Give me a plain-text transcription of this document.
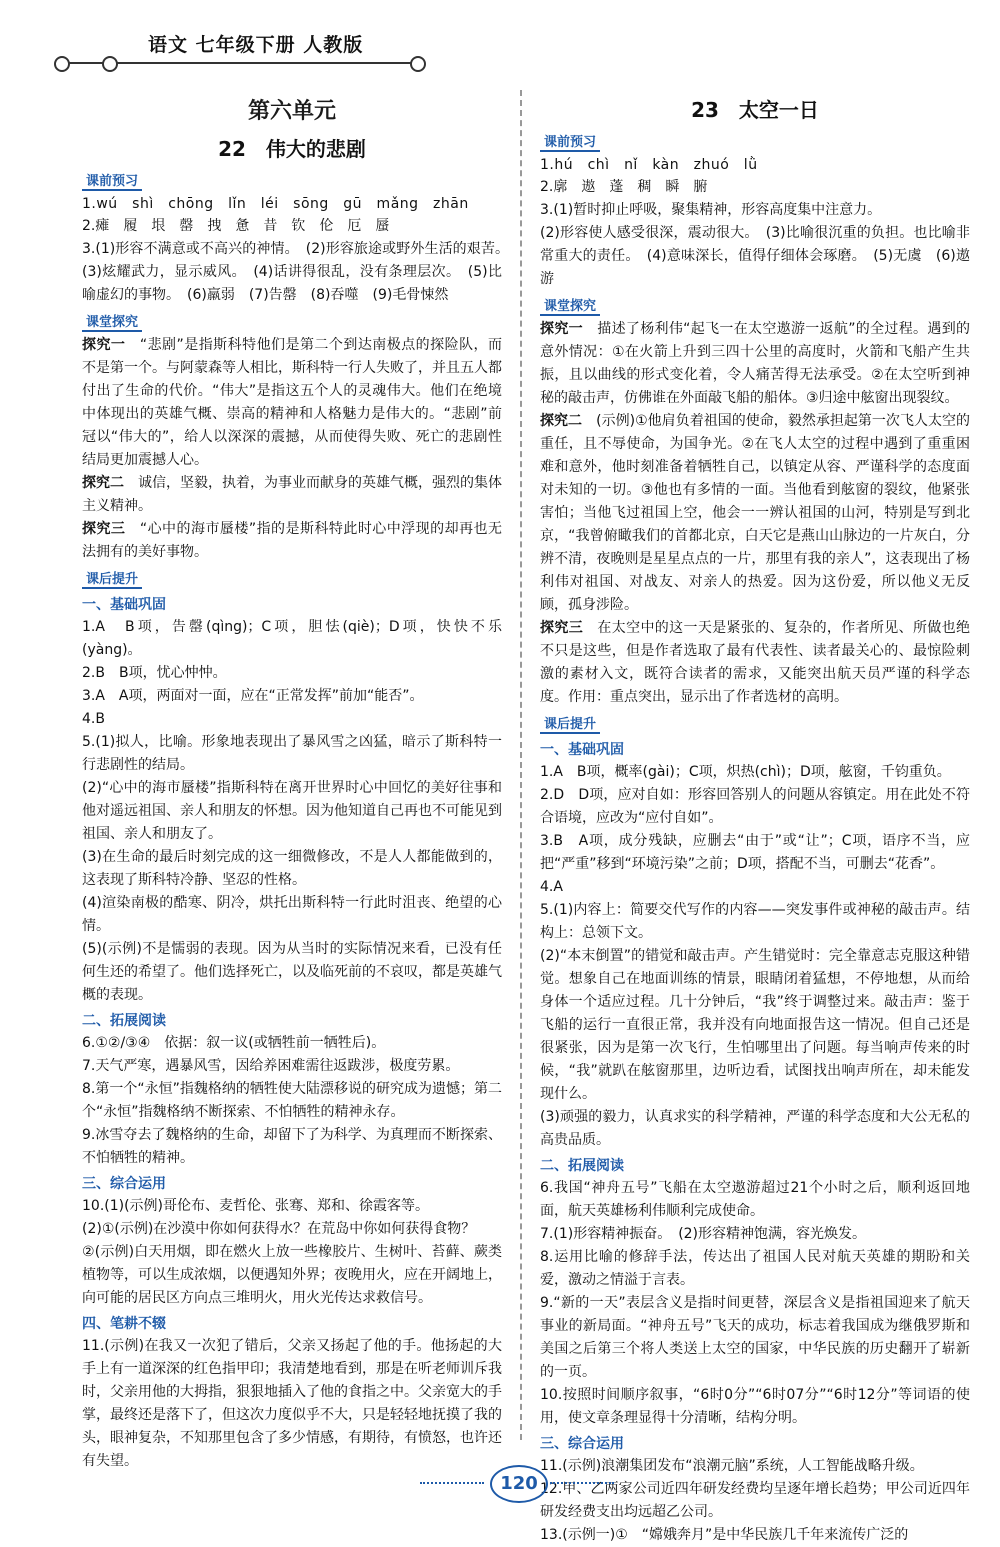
语文 七年级下册 人教版
第六单元
22　伟大的悲剧
课前预习
1.wú　shì　chōng　lǐn　léi　sōng　gū　mǎng　zhān
2.瘫　履　垠　罄　拽　惫　昔　钦　伦　厄　蜃
3.(1)形容不满意或不高兴的神情。　(2)形容旅途或野外生活的艰苦。　(3)炫耀武力，显示威风。　(4)话讲得很乱，没有条理层次。　(5)比喻虚幻的事物。　(6)羸弱　(7)告罄　(8)吞噬　(9)毛骨悚然
课堂探究
探究一　 “悲剧”是指斯科特他们是第二个到达南极点的探险队，而不是第一个。与阿蒙森等人相比，斯科特一行人失败了，并且五人都付出了生命的代价。“伟大”是指这五个人的灵魂伟大。他们在绝境中体现出的英雄气概、崇高的精神和人格魅力是伟大的。“悲剧”前冠以“伟大的”，给人以深深的震撼，从而使得失败、死亡的悲剧性结局更加震撼人心。
探究二　 诚信，坚毅，执着，为事业而献身的英雄气概，强烈的集体主义精神。
探究三　 “心中的海市蜃楼”指的是斯科特此时心中浮现的却再也无法拥有的美好事物。
课后提升
一、基础巩固
1.A　B项，告罄(qìng)；C项，胆怯(qiè)；D项，快快不乐(yàng)。
2.B　B项，忧心忡忡。
3.A　A项，两面对一面，应在“正常发挥”前加“能否”。
4.B
5.(1)拟人，比喻。形象地表现出了暴风雪之凶猛，暗示了斯科特一行悲剧性的结局。
(2)“心中的海市蜃楼”指斯科特在离开世界时心中回忆的美好往事和他对遥远祖国、亲人和朋友的怀想。因为他知道自己再也不可能见到祖国、亲人和朋友了。
(3)在生命的最后时刻完成的这一细微修改，不是人人都能做到的，这表现了斯科特冷静、坚忍的性格。
(4)渲染南极的酷寒、阴冷，烘托出斯科特一行此时沮丧、绝望的心情。
(5)(示例)不是懦弱的表现。因为从当时的实际情况来看，已没有任何生还的希望了。他们选择死亡，以及临死前的不哀叹，都是英雄气概的表现。
二、拓展阅读
6.①②/③④　依据：叙一议(或牺牲前一牺牲后)。
7.天气严寒，遇暴风雪，因给养困难需往返跋涉，极度劳累。
8.第一个“永恒”指魏格纳的牺牲使大陆漂移说的研究成为遗憾；第二个“永恒”指魏格纳不断探索、不怕牺牲的精神永存。
9.冰雪夺去了魏格纳的生命，却留下了为科学、为真理而不断探索、不怕牺牲的精神。
三、综合运用
10.(1)(示例)哥伦布、麦哲伦、张骞、郑和、徐霞客等。
(2)①(示例)在沙漠中你如何获得水？在荒岛中你如何获得食物？
②(示例)白天用烟，即在燃火上放一些橡胶片、生树叶、苔藓、蕨类植物等，可以生成浓烟，以便遇知外界；夜晚用火，应在开阔地上，向可能的居民区方向点三堆明火，用火光传达求救信号。
四、笔耕不辍
11.(示例)在我又一次犯了错后，父亲又扬起了他的手。他扬起的大手上有一道深深的红色指甲印；我清楚地看到，那是在听老师训斥我时，父亲用他的大拇指，狠狠地插入了他的食指之中。父亲宽大的手掌，最终还是落下了，但这次力度似乎不大，只是轻轻地抚摸了我的头，眼神复杂，不知那里包含了多少情感，有期待，有愤怒，也许还有失望。
23　太空一日
课前预习
1.hú　chì　nǐ　kàn　zhuó　lǜ
2.廓　遨　蓬　稠　瞬　腑
3.(1)暂时抑止呼吸，聚集精神，形容高度集中注意力。
(2)形容使人感受很深，震动很大。　(3)比喻很沉重的负担。也比喻非常重大的责任。　(4)意味深长，值得仔细体会琢磨。　(5)无虞　(6)遨游
课堂探究
探究一　 描述了杨利伟“起飞一在太空遨游一返航”的全过程。遇到的意外情况：①在火箭上升到三四十公里的高度时，火箭和飞船产生共振，且以曲线的形式变化着，令人痛苦得无法承受。②在太空听到神秘的敲击声，仿佛谁在外面敲飞船的船体。③归途中舷窗出现裂纹。
探究二　 (示例)①他肩负着祖国的使命，毅然承担起第一次飞人太空的重任，且不辱使命，为国争光。②在飞人太空的过程中遇到了重重困难和意外，他时刻准备着牺牲自己，以镇定从容、严谨科学的态度面对未知的一切。③他也有多情的一面。当他看到舷窗的裂纹，他紧张害怕；当他飞过祖国上空，他会一一辨认祖国的山河，特别是写到北京，“我曾俯瞰我们的首都北京，白天它是燕山山脉边的一片灰白，分辨不清，夜晚则是星星点点的一片，那里有我的亲人”，这表现出了杨利伟对祖国、对战友、对亲人的热爱。因为这份爱，所以他义无反顾，孤身涉险。
探究三　 在太空中的这一天是紧张的、复杂的，作者所见、所做也绝不只是这些，但是作者选取了最有代表性、读者最关心的、最惊险刺激的素材入文，既符合读者的需求，又能突出航天员严谨的科学态度。作用：重点突出，显示出了作者选材的高明。
课后提升
一、基础巩固
1.A　B项，概率(gài)；C项，炽热(chì)；D项，舷窗，千钧重负。
2.D　D项，应对自如：形容回答别人的问题从容镇定。用在此处不符合语境，应改为“应付自如”。
3.B　A项，成分残缺，应删去“由于”或“让”；C项，语序不当，应把“严重”移到“环境污染”之前；D项，搭配不当，可删去“花香”。
4.A
5.(1)内容上：简要交代写作的内容——突发事件或神秘的敲击声。结构上：总领下文。
(2)“本末倒置”的错觉和敲击声。产生错觉时：完全靠意志克服这种错觉。想象自己在地面训练的情景，眼睛闭着猛想，不停地想，从而给身体一个适应过程。几十分钟后，“我”终于调整过来。敲击声：鉴于飞船的运行一直很正常，我并没有向地面报告这一情况。但自己还是很紧张，因为是第一次飞行，生怕哪里出了问题。每当响声传来的时候，“我”就趴在舷窗那里，边听边看，试图找出响声所在，却未能发现什么。
(3)顽强的毅力，认真求实的科学精神，严谨的科学态度和大公无私的高贵品质。
二、拓展阅读
6.我国“神舟五号”飞船在太空遨游超过21个小时之后，顺利返回地面，航天英雄杨利伟顺利完成使命。
7.(1)形容精神振奋。　(2)形容精神饱满，容光焕发。
8.运用比喻的修辞手法，传达出了祖国人民对航天英雄的期盼和关爱，激动之情溢于言表。
9.“新的一天”表层含义是指时间更替，深层含义是指祖国迎来了航天事业的新局面。“神舟五号”飞天的成功，标志着我国成为继俄罗斯和美国之后第三个将人类送上太空的国家，中华民族的历史翻开了崭新的一页。
10.按照时间顺序叙事，“6时0分”“6时07分”“6时12分”等词语的使用，使文章条理显得十分清晰，结构分明。
三、综合运用
11.(示例)浪潮集团发布“浪潮元脑”系统，人工智能战略升级。
12.甲、乙两家公司近四年研发经费均呈逐年增长趋势；甲公司近四年研发经费支出均远超乙公司。
13.(示例一)①　“嫦娥奔月”是中华民族几千年来流传广泛的
120
